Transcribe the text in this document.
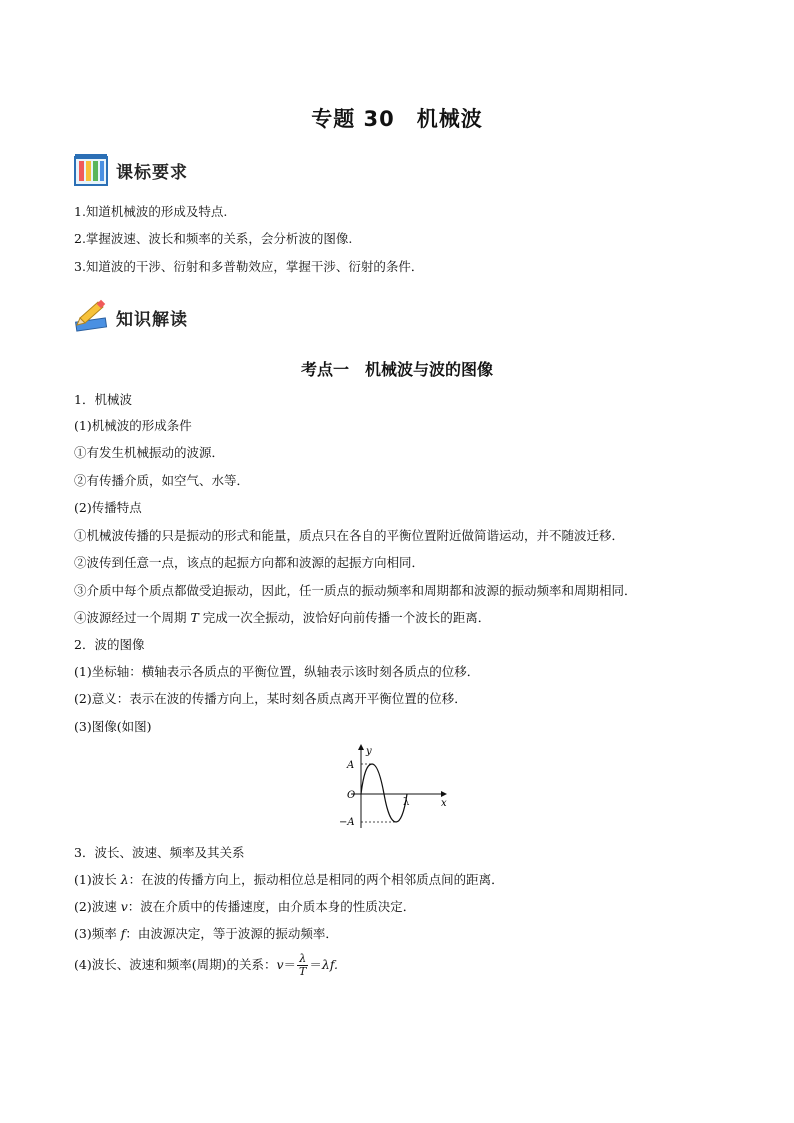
专题 30　机械波
课标要求
1.知道机械波的形成及特点.
2.掌握波速、波长和频率的关系，会分析波的图像.
3.知道波的干涉、衍射和多普勒效应，掌握干涉、衍射的条件．
知识解读
考点一　机械波与波的图像
1．机械波
(1)机械波的形成条件
①有发生机械振动的波源．
②有传播介质，如空气、水等．
(2)传播特点
①机械波传播的只是振动的形式和能量，质点只在各自的平衡位置附近做简谐运动，并不随波迁移．
②波传到任意一点，该点的起振方向都和波源的起振方向相同．
③介质中每个质点都做受迫振动，因此，任一质点的振动频率和周期都和波源的振动频率和周期相同．
④波源经过一个周期 T 完成一次全振动，波恰好向前传播一个波长的距离．
2．波的图像
(1)坐标轴：横轴表示各质点的平衡位置，纵轴表示该时刻各质点的位移．
(2)意义：表示在波的传播方向上，某时刻各质点离开平衡位置的位移．
(3)图像(如图)
y
x
A
O
−A
λ
3．波长、波速、频率及其关系
(1)波长 λ：在波的传播方向上，振动相位总是相同的两个相邻质点间的距离．
(2)波速 v：波在介质中的传播速度，由介质本身的性质决定．
(3)频率 f：由波源决定，等于波源的振动频率．
(4)波长、波速和频率(周期)的关系：$v= \frac{\lambda}{T} =\lambda f$.
